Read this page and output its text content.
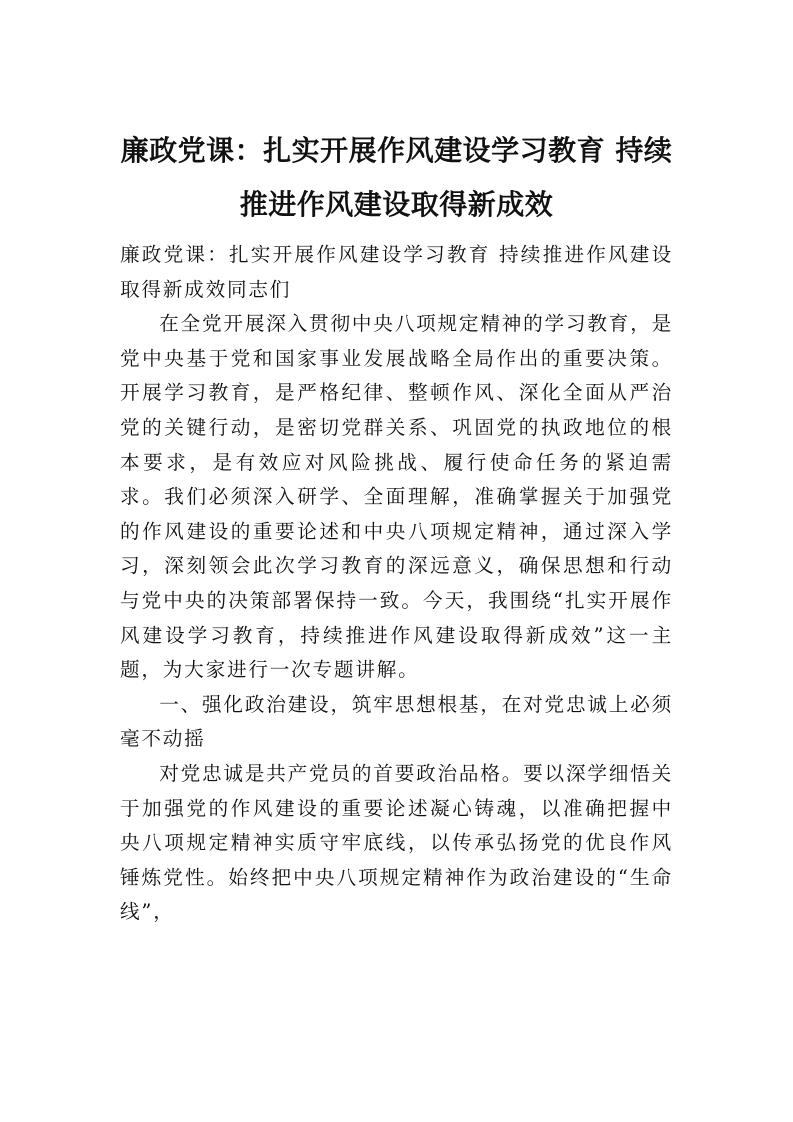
廉政党课：扎实开展作风建设学习教育 持续推进作风建设取得新成效

廉政党课：扎实开展作风建设学习教育 持续推进作风建设取得新成效同志们

在全党开展深入贯彻中央八项规定精神的学习教育，是党中央基于党和国家事业发展战略全局作出的重要决策。开展学习教育，是严格纪律、整顿作风、深化全面从严治党的关键行动，是密切党群关系、巩固党的执政地位的根本要求，是有效应对风险挑战、履行使命任务的紧迫需求。我们必须深入研学、全面理解，准确掌握关于加强党的作风建设的重要论述和中央八项规定精神，通过深入学习，深刻领会此次学习教育的深远意义，确保思想和行动与党中央的决策部署保持一致。今天，我围绕“扎实开展作风建设学习教育，持续推进作风建设取得新成效”这一主题，为大家进行一次专题讲解。

一、强化政治建设，筑牢思想根基，在对党忠诚上必须毫不动摇

对党忠诚是共产党员的首要政治品格。要以深学细悟关于加强党的作风建设的重要论述凝心铸魂，以准确把握中央八项规定精神实质守牢底线，以传承弘扬党的优良作风锤炼党性。始终把中央八项规定精神作为政治建设的“生命线”，
